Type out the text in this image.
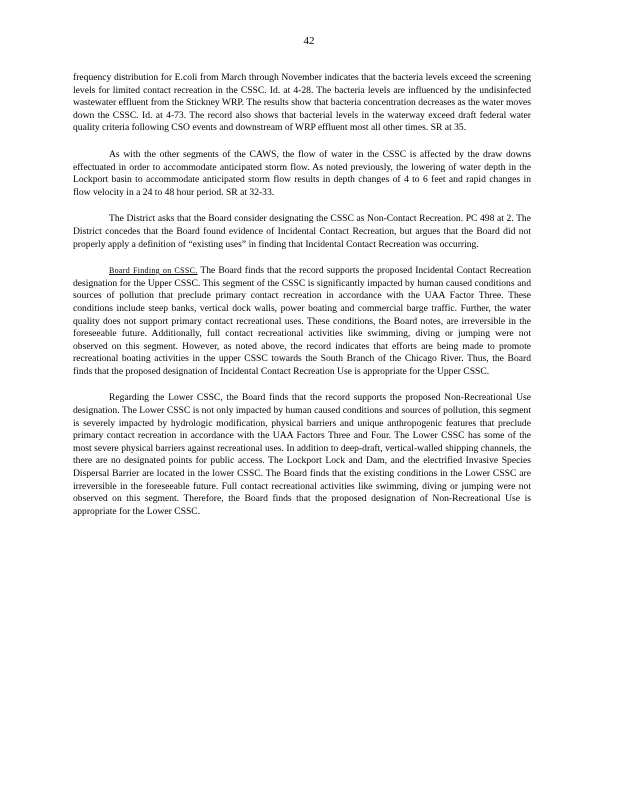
42

frequency distribution for E.coli from March through November indicates that the bacteria levels exceed the screening levels for limited contact recreation in the CSSC. Id. at 4-28. The bacteria levels are influenced by the undisinfected wastewater effluent from the Stickney WRP. The results show that bacteria concentration decreases as the water moves down the CSSC. Id. at 4-73. The record also shows that bacterial levels in the waterway exceed draft federal water quality criteria following CSO events and downstream of WRP effluent most all other times. SR at 35.

As with the other segments of the CAWS, the flow of water in the CSSC is affected by the draw downs effectuated in order to accommodate anticipated storm flow. As noted previously, the lowering of water depth in the Lockport basin to accommodate anticipated storm flow results in depth changes of 4 to 6 feet and rapid changes in flow velocity in a 24 to 48 hour period. SR at 32-33.

The District asks that the Board consider designating the CSSC as Non-Contact Recreation. PC 498 at 2. The District concedes that the Board found evidence of Incidental Contact Recreation, but argues that the Board did not properly apply a definition of “existing uses” in finding that Incidental Contact Recreation was occurring.

Board Finding on CSSC. The Board finds that the record supports the proposed Incidental Contact Recreation designation for the Upper CSSC. This segment of the CSSC is significantly impacted by human caused conditions and sources of pollution that preclude primary contact recreation in accordance with the UAA Factor Three. These conditions include steep banks, vertical dock walls, power boating and commercial barge traffic. Further, the water quality does not support primary contact recreational uses. These conditions, the Board notes, are irreversible in the foreseeable future. Additionally, full contact recreational activities like swimming, diving or jumping were not observed on this segment. However, as noted above, the record indicates that efforts are being made to promote recreational boating activities in the upper CSSC towards the South Branch of the Chicago River. Thus, the Board finds that the proposed designation of Incidental Contact Recreation Use is appropriate for the Upper CSSC.

Regarding the Lower CSSC, the Board finds that the record supports the proposed Non-Recreational Use designation. The Lower CSSC is not only impacted by human caused conditions and sources of pollution, this segment is severely impacted by hydrologic modification, physical barriers and unique anthropogenic features that preclude primary contact recreation in accordance with the UAA Factors Three and Four. The Lower CSSC has some of the most severe physical barriers against recreational uses. In addition to deep-draft, vertical-walled shipping channels, the there are no designated points for public access. The Lockport Lock and Dam, and the electrified Invasive Species Dispersal Barrier are located in the lower CSSC. The Board finds that the existing conditions in the Lower CSSC are irreversible in the foreseeable future. Full contact recreational activities like swimming, diving or jumping were not observed on this segment. Therefore, the Board finds that the proposed designation of Non-Recreational Use is appropriate for the Lower CSSC.
